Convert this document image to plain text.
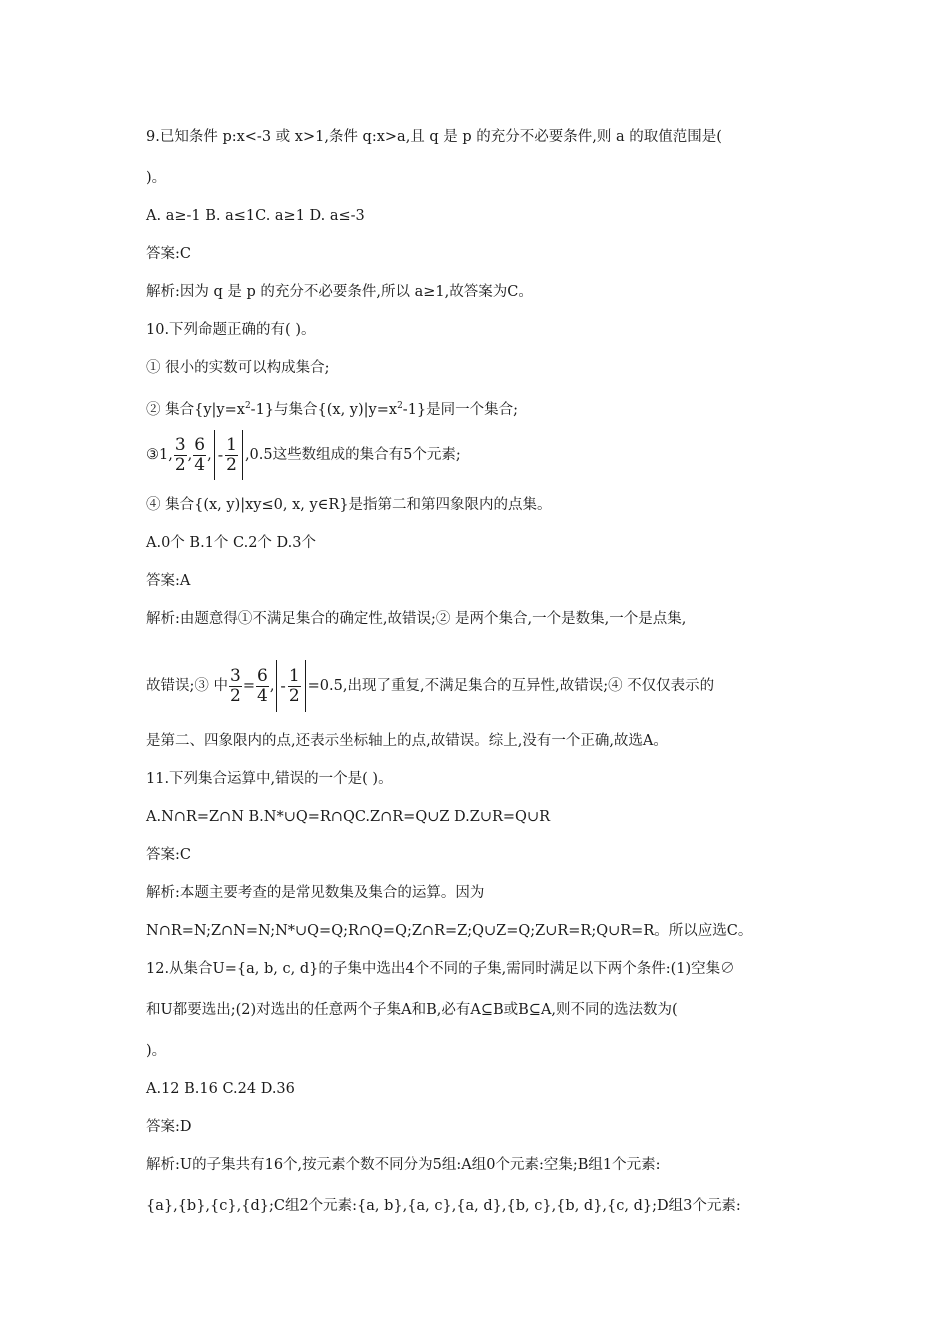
9.已知条件 p:x<-3 或 x>1,条件 q:x>a,且 q 是 p 的充分不必要条件,则 a 的取值范围是(
)。
A. a≥-1 B. a≤1C. a≥1 D. a≤-3
答案:C
解析:因为 q 是 p 的充分不必要条件,所以 a≥1,故答案为C。
10.下列命题正确的有( )。
① 很小的实数可以构成集合;
② 集合$\{y|y=x^2-1\}$与集合{(x, $y)|y=x^2-1$}是同一个集合;
③1, $\frac{3}{2}$ , $\frac{6}{4}$ , - $\frac{1}{2} ,0.5$这些数组成的集合有5个元素;
④ 集合{(x, y)|xy≤0, x, y∈R}是指第二和第四象限内的点集。
A.0个 B.1个 C.2个 D.3个
答案:A
解析:由题意得①不满足集合的确定性,故错误;② 是两个集合,一个是数集,一个是点集,
故错误;③ 中 $\frac{3}{2} = \frac{6}{4}$ , - $\frac{1}{2} =0.5$,出现了重复,不满足集合的互异性,故错误;④ 不仅仅表示的
是第二、四象限内的点,还表示坐标轴上的点,故错误。综上,没有一个正确,故选A。
11.下列集合运算中,错误的一个是( )。
A.N∩R=Z∩N B.N*∪Q=R∩QC.Z∩R=Q∪Z D.Z∪R=Q∪R
答案:C
解析:本题主要考查的是常见数集及集合的运算。因为
N∩R=N;Z∩N=N;N*∪Q=Q;R∩Q=Q;Z∩R=Z;Q∪Z=Q;Z∪R=R;Q∪R=R。所以应选C。
12.从集合U={a, b, c, d}的子集中选出4个不同的子集,需同时满足以下两个条件:(1)空集∅
和U都要选出;(2)对选出的任意两个子集A和B,必有A⊆B或B⊆A,则不同的选法数为(
)。
A.12 B.16 C.24 D.36
答案:D
解析:U的子集共有16个,按元素个数不同分为5组:A组0个元素:空集;B组1个元素:
{a},{b},{c},{d};C组2个元素:{a, b},{a, c},{a, d},{b, c},{b, d},{c, d};D组3个元素:
